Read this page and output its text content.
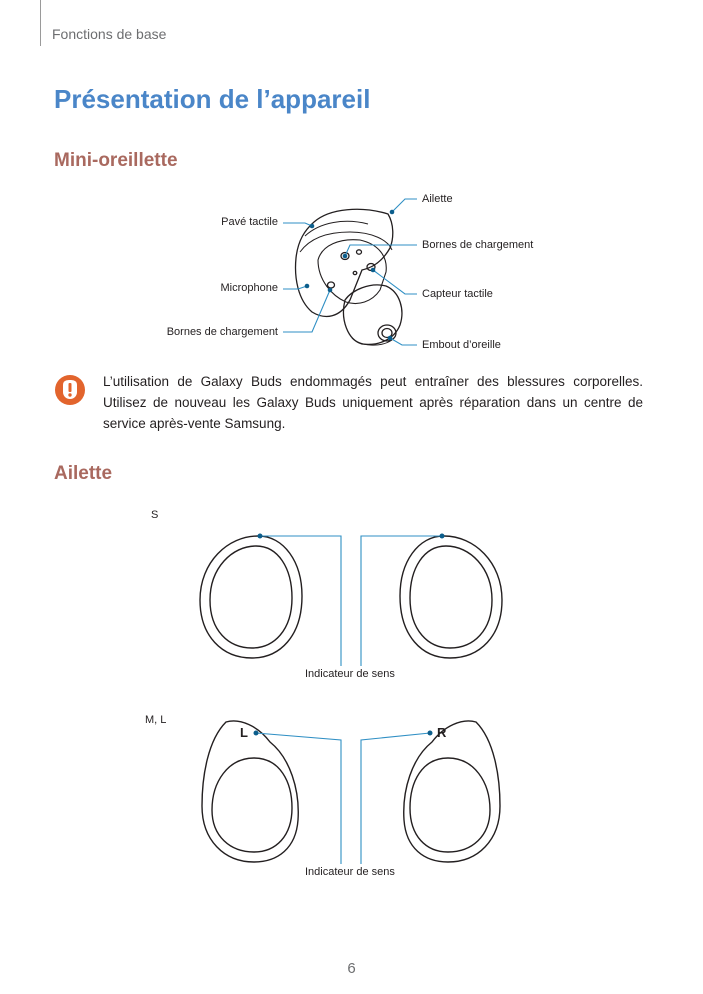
Fonctions de base
Présentation de l’appareil
Mini-oreillette
Pavé tactile
Microphone
Bornes de chargement
Ailette
Bornes de chargement
Capteur tactile
Embout d’oreille
L’utilisation de Galaxy Buds endommagés peut entraîner des blessures corporelles. Utilisez de nouveau les Galaxy Buds uniquement après réparation dans un centre de service après-vente Samsung.
Ailette
S
M, L
L	R
Indicateur de sens
Indicateur de sens
6
